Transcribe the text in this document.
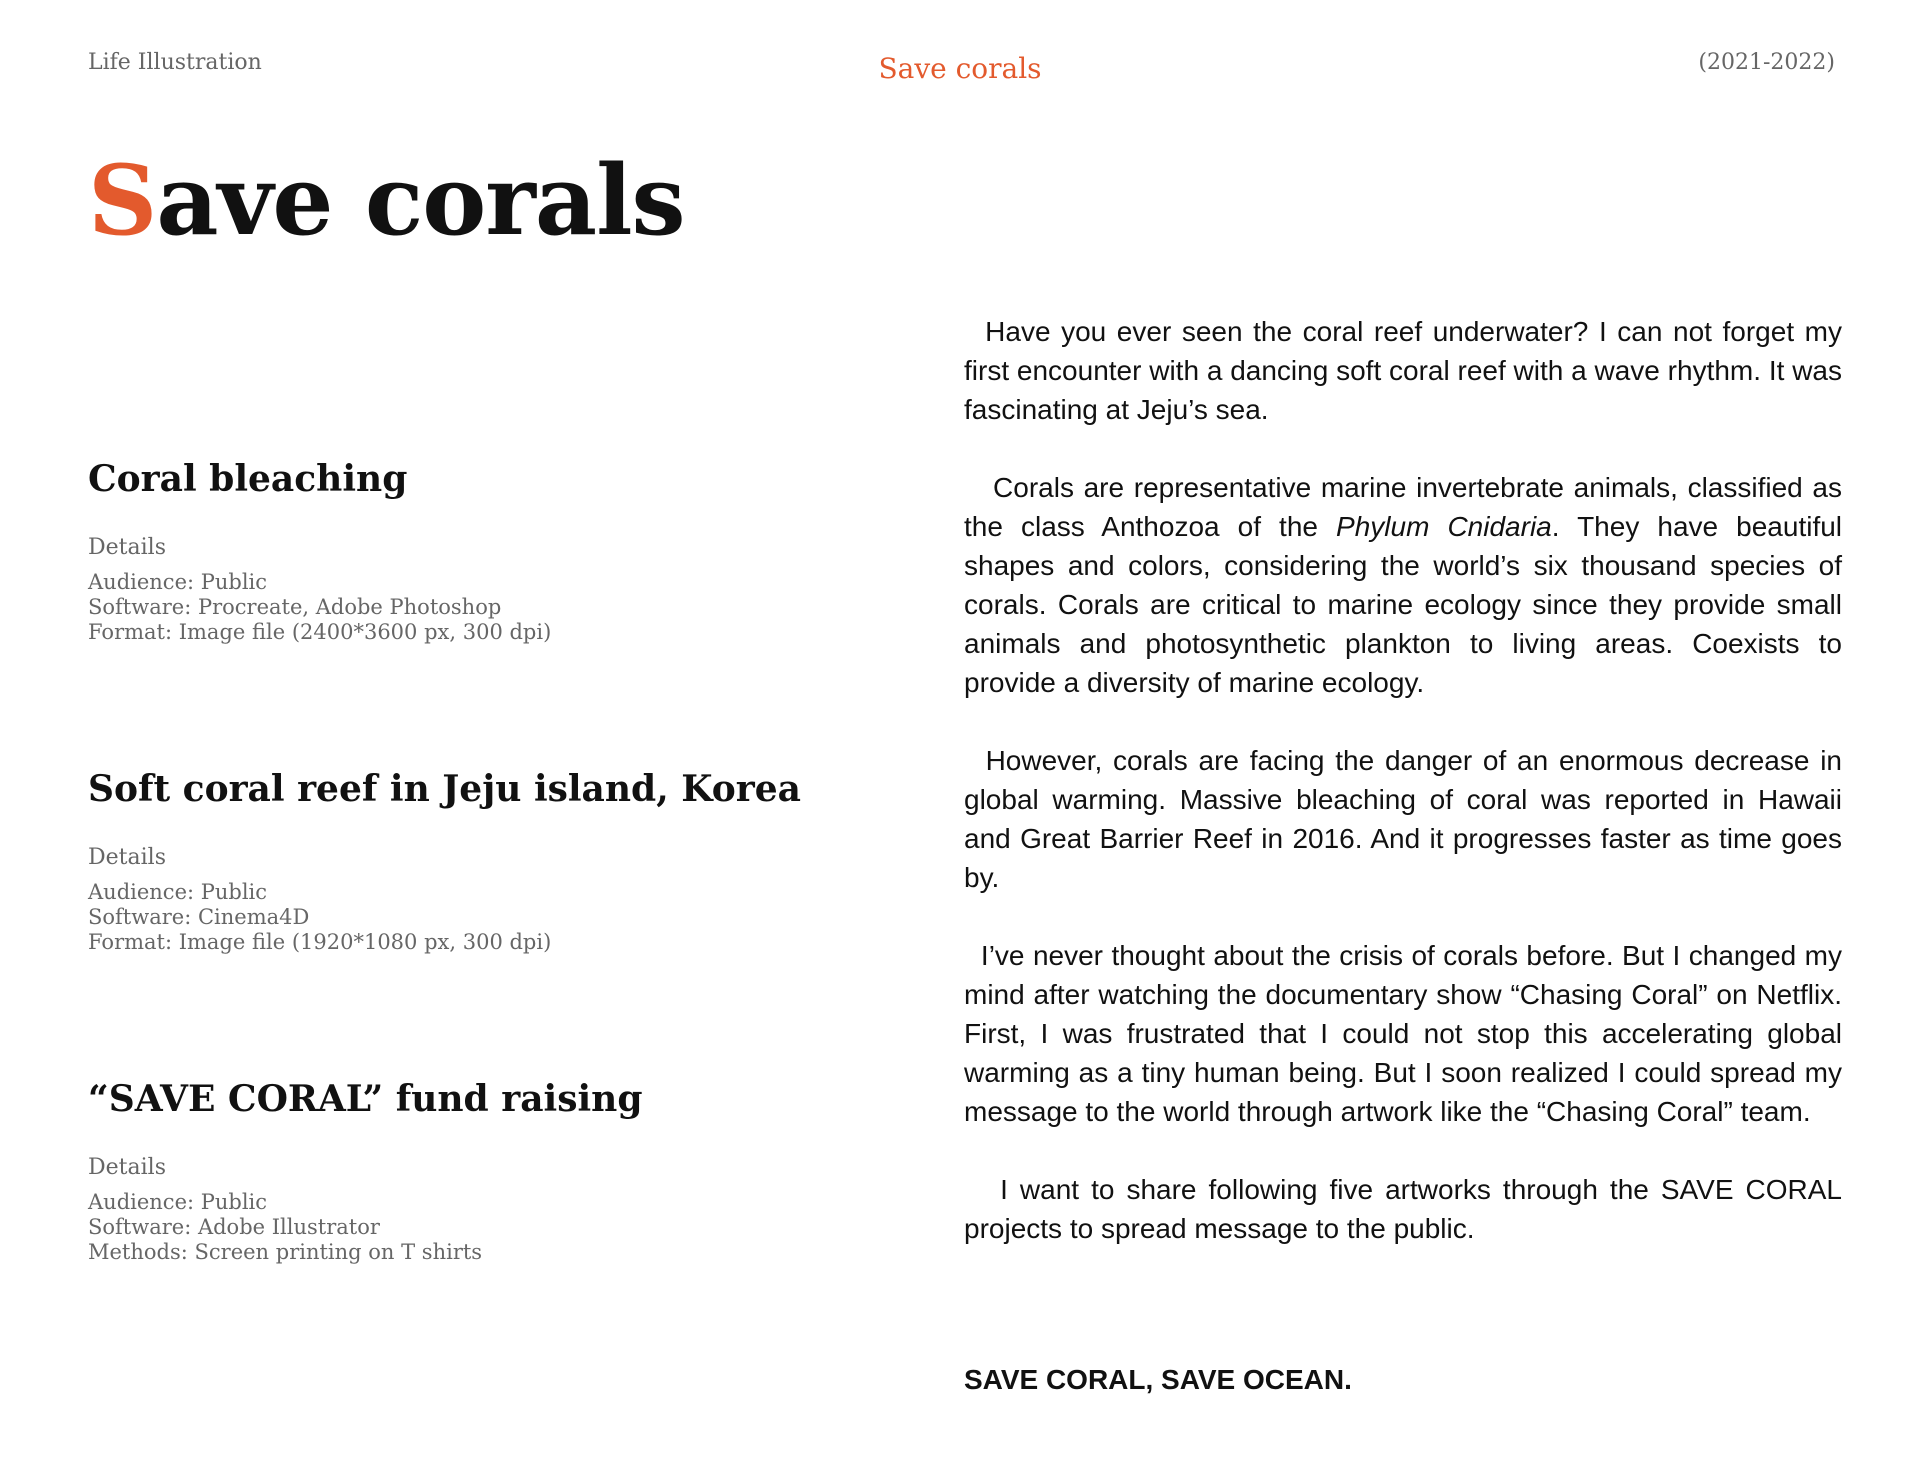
Life Illustration	Save corals	(2021-2022)
Save corals
Coral bleaching
Details
Audience: Public
Software: Procreate, Adobe Photoshop
Format: Image file (2400*3600 px, 300 dpi)
Soft coral reef in Jeju island, Korea
Details
Audience: Public
Software: Cinema4D
Format: Image file (1920*1080 px, 300 dpi)
“SAVE CORAL” fund raising
Details
Audience: Public
Software: Adobe Illustrator
Methods: Screen printing on T shirts

Have you ever seen the coral reef underwater? I can not forget my first encounter with a dancing soft coral reef with a wave rhythm. It was fascinating at Jeju’s sea.

Corals are representative marine invertebrate animals, classified as the class Anthozoa of the Phylum Cnidaria. They have beautiful shapes and colors, considering the world’s six thousand species of corals. Corals are critical to marine ecology since they provide small animals and photosynthetic plankton to living areas. Coexists to provide a diversity of marine ecology.

However, corals are facing the danger of an enormous decrease in global warming. Massive bleaching of coral was reported in Hawaii and Great Barrier Reef in 2016. And it progresses faster as time goes by.

I’ve never thought about the crisis of corals before. But I changed my mind after watching the documentary show “Chasing Coral” on Netflix. First, I was frustrated that I could not stop this accelerating global warming as a tiny human being. But I soon realized I could spread my message to the world through artwork like the “Chasing Coral” team.

I want to share following five artworks through the SAVE CORAL projects to spread message to the public.

SAVE CORAL, SAVE OCEAN.
